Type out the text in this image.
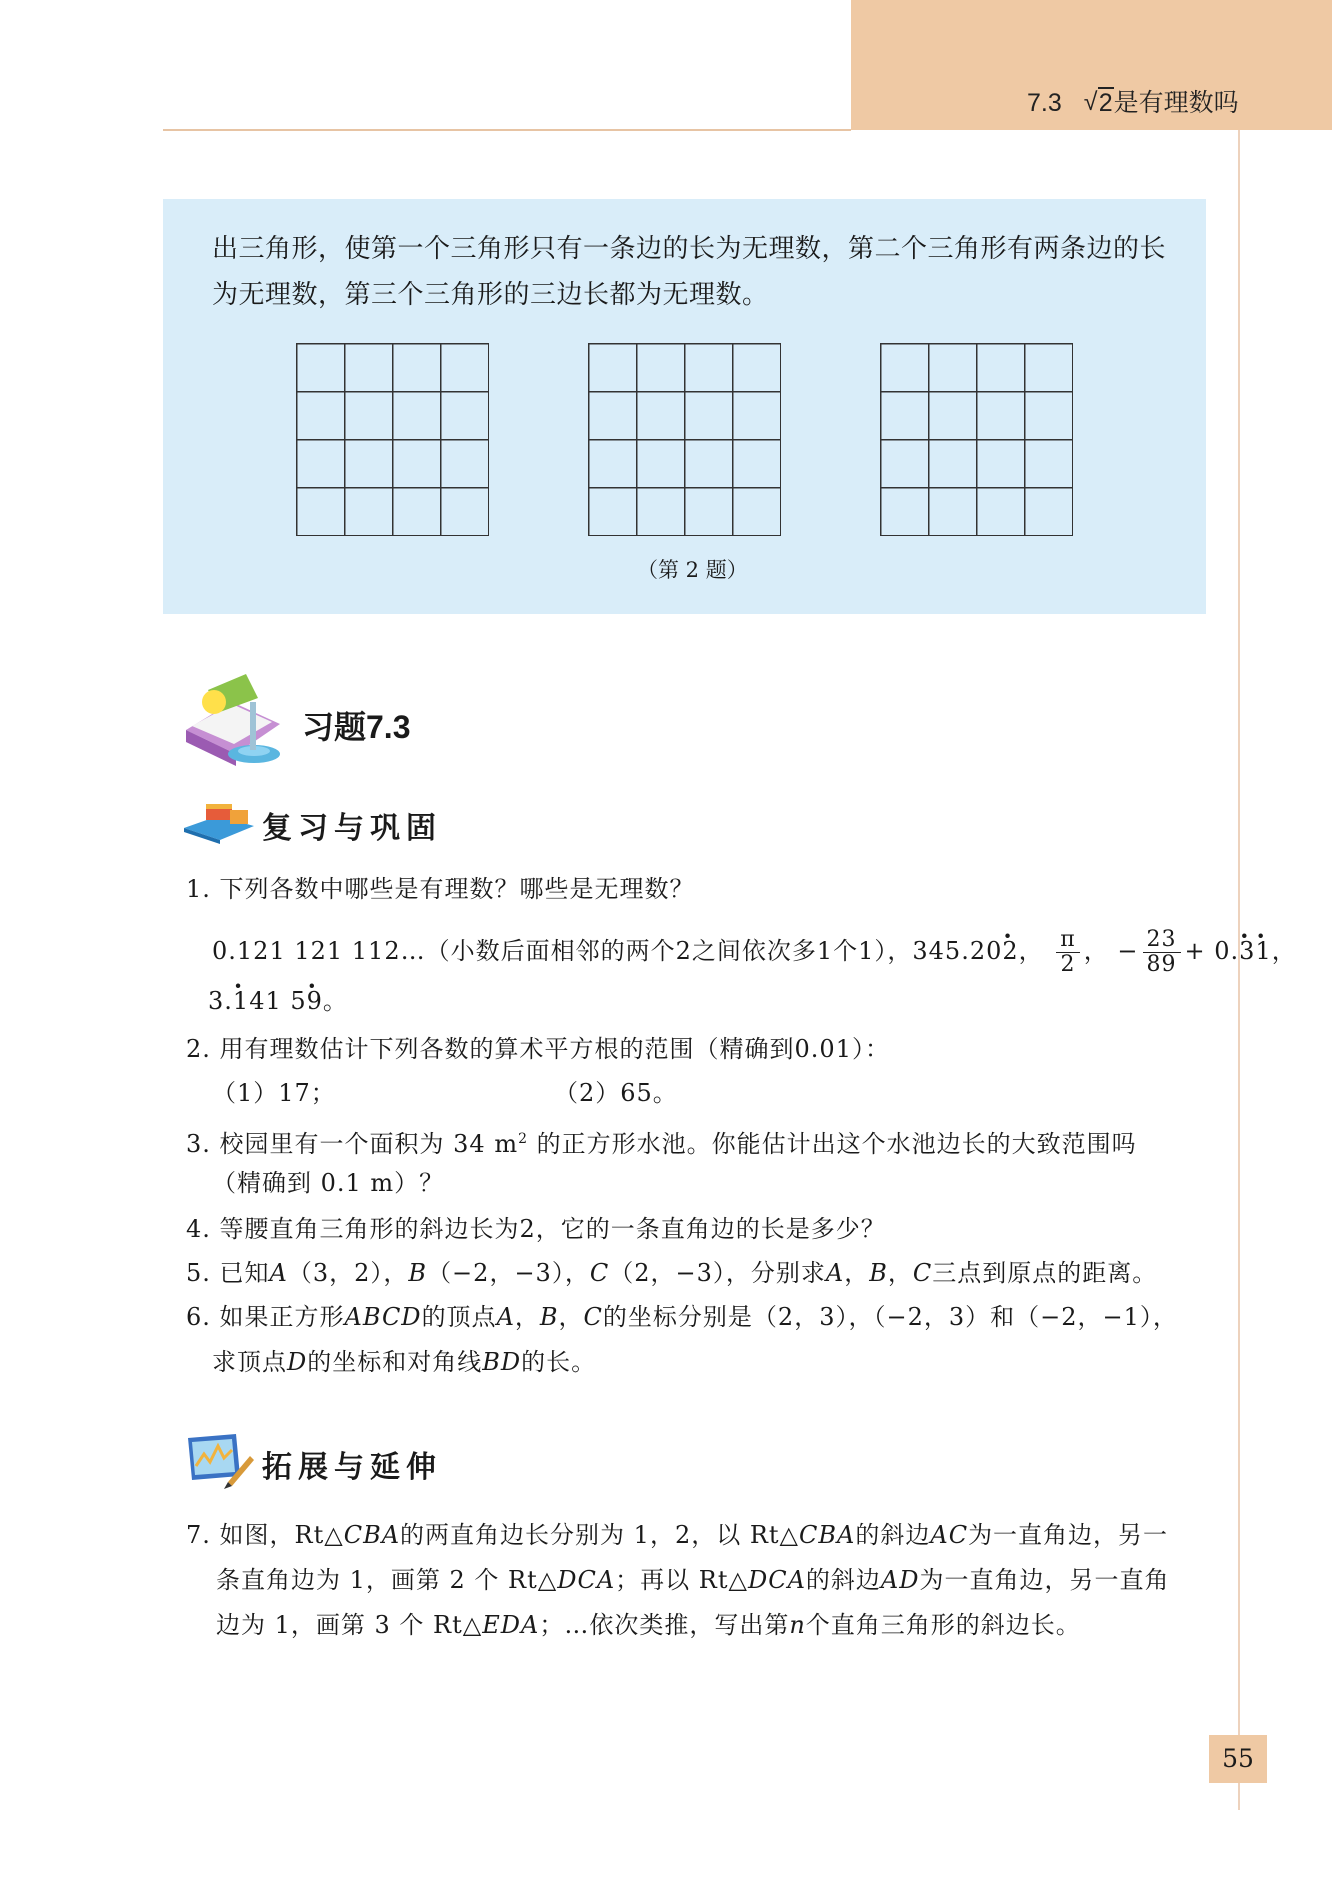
7.3 √ 2是有理数吗
出三角形，使第一个三角形只有一条边的长为无理数，第二个三角形有两条边的长为无理数，第三个三角形的三边长都为无理数。
（第 2 题）
习题7.3
复习与巩固
1. 下列各数中哪些是有理数？哪些是无理数？
0.121 121 112…（小数后面相邻的两个2之间依次多1个1），345.20· 2， $\frac{\pi}{2}$ ， − $\frac{23}{89} + 0.\cdot 3\cdot 1$，
3.· 141 5· 9。
2. 用有理数估计下列各数的算术平方根的范围（精确到0.01）：
（1）17；	（2）65。
3. 校园里有一个面积为 34 $m^2$ 的正方形水池。你能估计出这个水池边长的大致范围吗
（精确到 0.1 m）？
4. 等腰直角三角形的斜边长为2，它的一条直角边的长是多少？
5. 已知A（3，2），B（−2，−3），C（2，−3），分别求A，B，C三点到原点的距离。
6. 如果正方形ABCD的顶点A，B，C的坐标分别是（2，3），（−2，3）和（−2，−1），
求顶点D的坐标和对角线BD的长。
拓展与延伸
7. 如图，Rt△CBA的两直角边长分别为 1，2，以 Rt△CBA的斜边AC为一直角边，另一
条直角边为 1，画第 2 个 Rt△DCA；再以 Rt△DCA的斜边AD为一直角边，另一直角
边为 1，画第 3 个 Rt△EDA；…依次类推，写出第n个直角三角形的斜边长。
55
